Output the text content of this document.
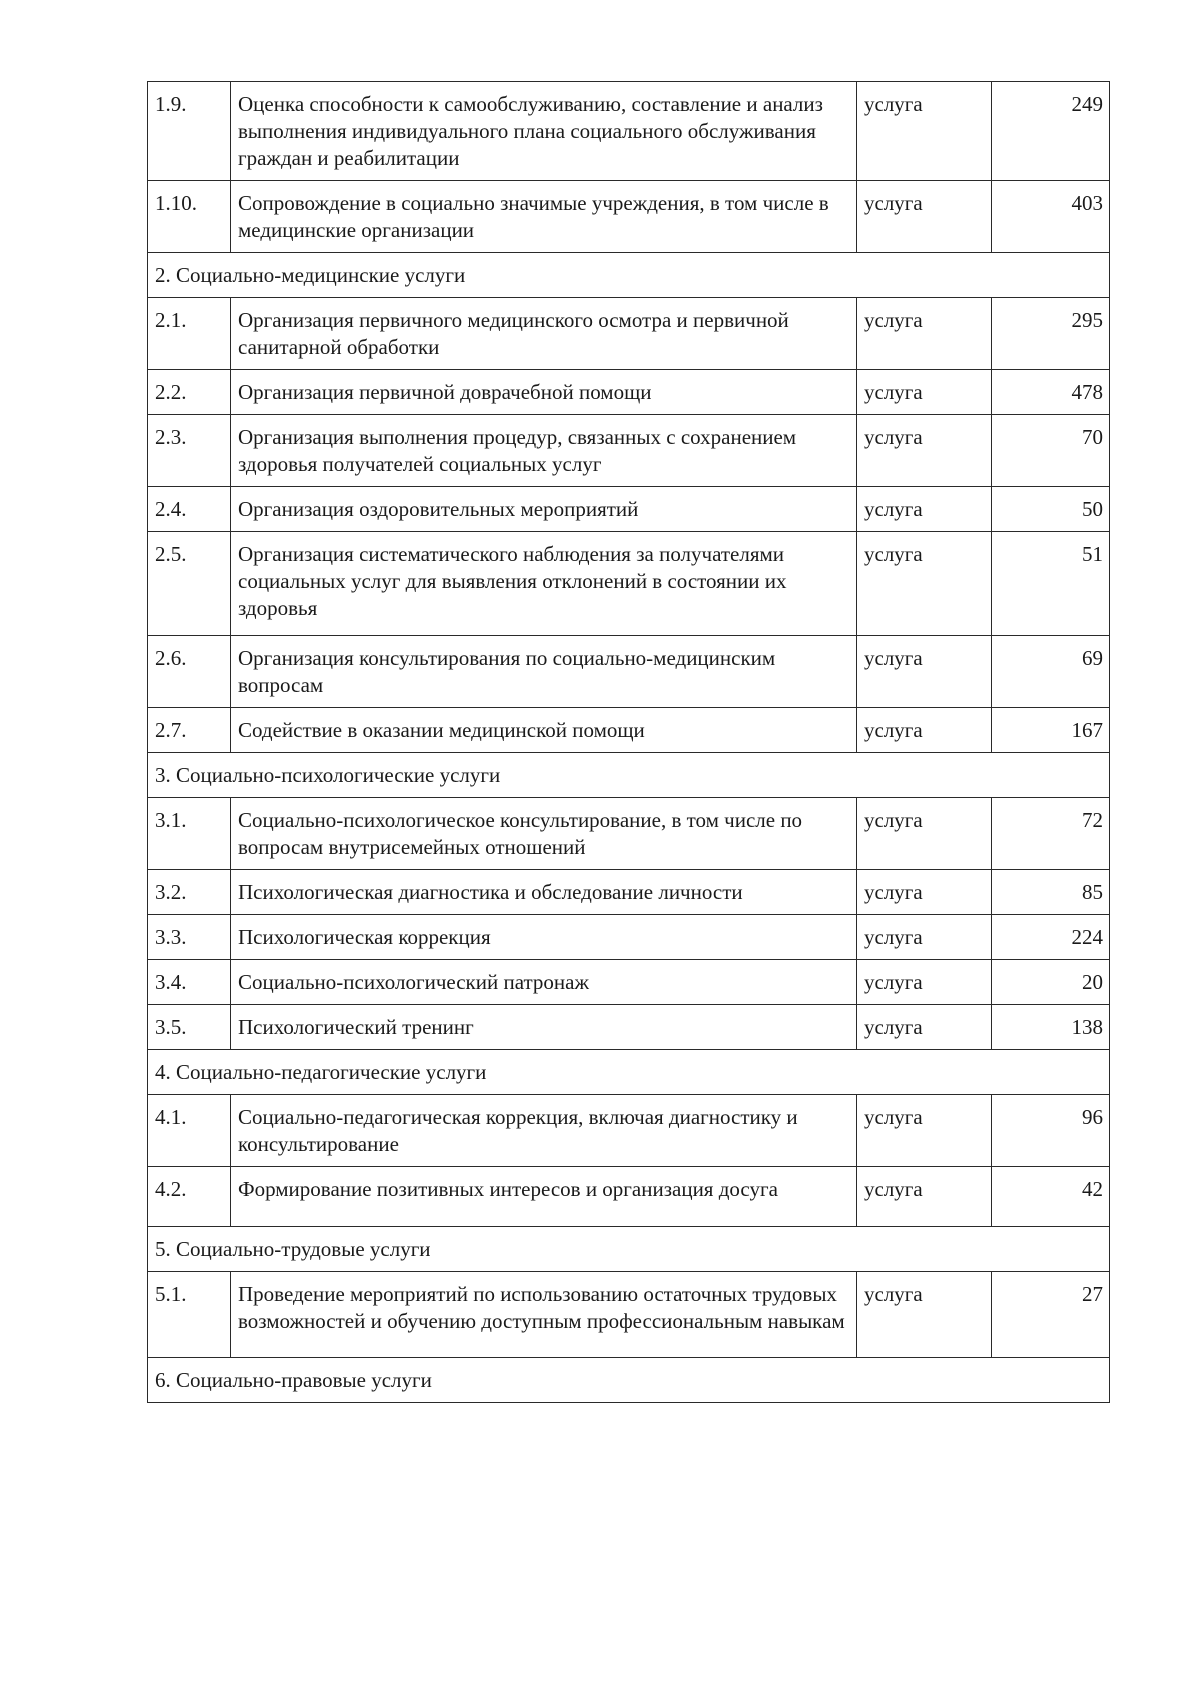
1.9.	Оценка способности к самообслуживанию, составление и анализ выполнения индивидуального плана социального обслуживания граждан и реабилитации	услуга	249
1.10.	Сопровождение в социально значимые учреждения, в том числе в медицинские организации	услуга	403
2. Социально-медицинские услуги			
2.1.	Организация первичного медицинского осмотра и первичной санитарной обработки	услуга	295
2.2.	Организация первичной доврачебной помощи	услуга	478
2.3.	Организация выполнения процедур, связанных с сохранением здоровья получателей социальных услуг	услуга	70
2.4.	Организация оздоровительных мероприятий	услуга	50
2.5.	Организация систематического наблюдения за получателями социальных услуг для выявления отклонений в состоянии их здоровья	услуга	51
2.6.	Организация консультирования по социально-медицинским вопросам	услуга	69
2.7.	Содействие в оказании медицинской помощи	услуга	167
3. Социально-психологические услуги			
3.1.	Социально-психологическое консультирование, в том числе по вопросам внутрисемейных отношений	услуга	72
3.2.	Психологическая диагностика и обследование личности	услуга	85
3.3.	Психологическая коррекция	услуга	224
3.4.	Социально-психологический патронаж	услуга	20
3.5.	Психологический тренинг	услуга	138
4. Социально-педагогические услуги			
4.1.	Социально-педагогическая коррекция, включая диагностику и консультирование	услуга	96
4.2.	Формирование позитивных интересов и организация досуга	услуга	42
5. Социально-трудовые услуги			
5.1.	Проведение мероприятий по использованию остаточных трудовых возможностей и обучению доступным профессиональным навыкам	услуга	27
6. Социально-правовые услуги			
